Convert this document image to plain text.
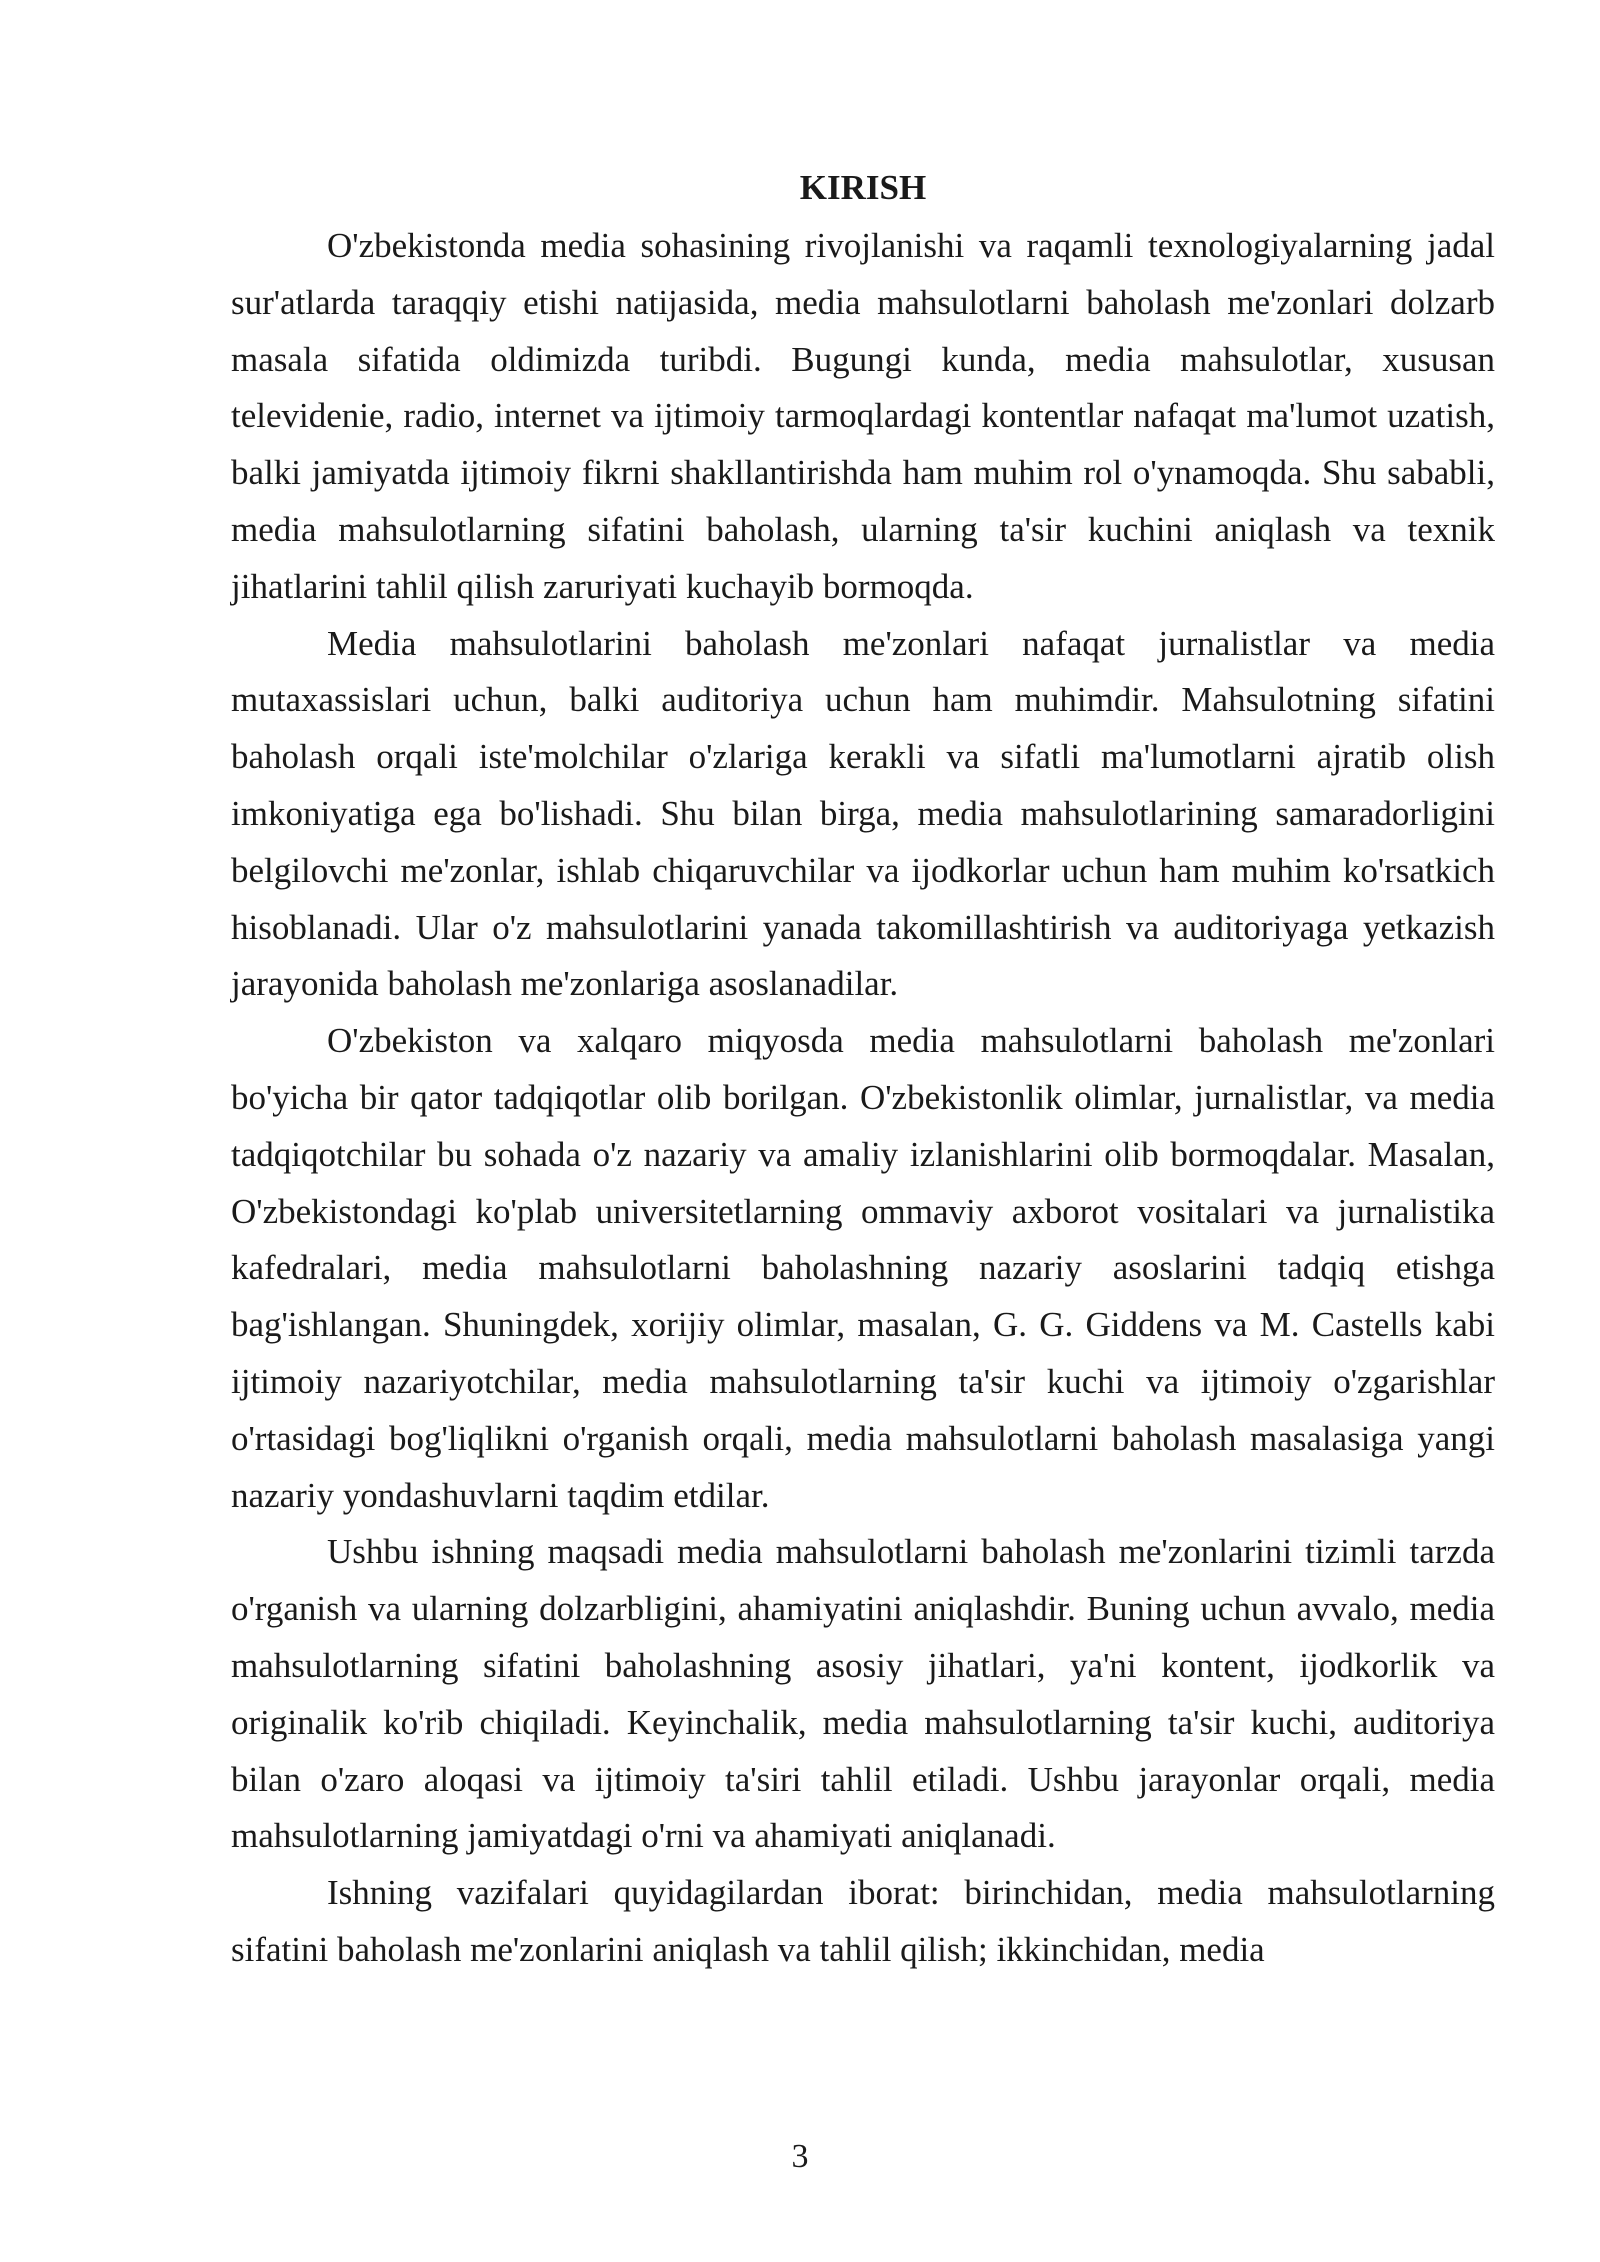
KIRISH

O'zbekistonda media sohasining rivojlanishi va raqamli texnologiyalarning jadal sur'atlarda taraqqiy etishi natijasida, media mahsulotlarni baholash me'zonlari dolzarb masala sifatida oldimizda turibdi. Bugungi kunda, media mahsulotlar, xususan televidenie, radio, internet va ijtimoiy tarmoqlardagi kontentlar nafaqat ma'lumot uzatish, balki jamiyatda ijtimoiy fikrni shakllantirishda ham muhim rol o'ynamoqda. Shu sababli, media mahsulotlarning sifatini baholash, ularning ta'sir kuchini aniqlash va texnik jihatlarini tahlil qilish zaruriyati kuchayib bormoqda.

Media mahsulotlarini baholash me'zonlari nafaqat jurnalistlar va media mutaxassislari uchun, balki auditoriya uchun ham muhimdir. Mahsulotning sifatini baholash orqali iste'molchilar o'zlariga kerakli va sifatli ma'lumotlarni ajratib olish imkoniyatiga ega bo'lishadi. Shu bilan birga, media mahsulotlarining samaradorligini belgilovchi me'zonlar, ishlab chiqaruvchilar va ijodkorlar uchun ham muhim ko'rsatkich hisoblanadi. Ular o'z mahsulotlarini yanada takomillashtirish va auditoriyaga yetkazish jarayonida baholash me'zonlariga asoslanadilar.

O'zbekiston va xalqaro miqyosda media mahsulotlarni baholash me'zonlari bo'yicha bir qator tadqiqotlar olib borilgan. O'zbekistonlik olimlar, jurnalistlar, va media tadqiqotchilar bu sohada o'z nazariy va amaliy izlanishlarini olib bormoqdalar. Masalan, O'zbekistondagi ko'plab universitetlarning ommaviy axborot vositalari va jurnalistika kafedralari, media mahsulotlarni baholashning nazariy asoslarini tadqiq etishga bag'ishlangan. Shuningdek, xorijiy olimlar, masalan, G. G. Giddens va M. Castells kabi ijtimoiy nazariyotchilar, media mahsulotlarning ta'sir kuchi va ijtimoiy o'zgarishlar o'rtasidagi bog'liqlikni o'rganish orqali, media mahsulotlarni baholash masalasiga yangi nazariy yondashuvlarni taqdim etdilar.

Ushbu ishning maqsadi media mahsulotlarni baholash me'zonlarini tizimli tarzda o'rganish va ularning dolzarbligini, ahamiyatini aniqlashdir. Buning uchun avvalo, media mahsulotlarning sifatini baholashning asosiy jihatlari, ya'ni kontent, ijodkorlik va originalik ko'rib chiqiladi. Keyinchalik, media mahsulotlarning ta'sir kuchi, auditoriya bilan o'zaro aloqasi va ijtimoiy ta'siri tahlil etiladi. Ushbu jarayonlar orqali, media mahsulotlarning jamiyatdagi o'rni va ahamiyati aniqlanadi.

Ishning vazifalari quyidagilardan iborat: birinchidan, media mahsulotlarning sifatini baholash me'zonlarini aniqlash va tahlil qilish; ikkinchidan, media

3
